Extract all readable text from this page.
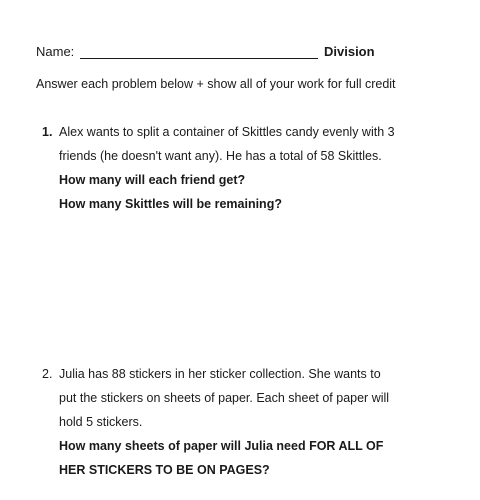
Name:	Division
Answer each problem below + show all of your work for full credit
1. Alex wants to split a container of Skittles candy evenly with 3
friends (he doesn't want any). He has a total of 58 Skittles.
How many will each friend get?
How many Skittles will be remaining?
2. Julia has 88 stickers in her sticker collection. She wants to
put the stickers on sheets of paper. Each sheet of paper will
hold 5 stickers.
How many sheets of paper will Julia need FOR ALL OF
HER STICKERS TO BE ON PAGES?
